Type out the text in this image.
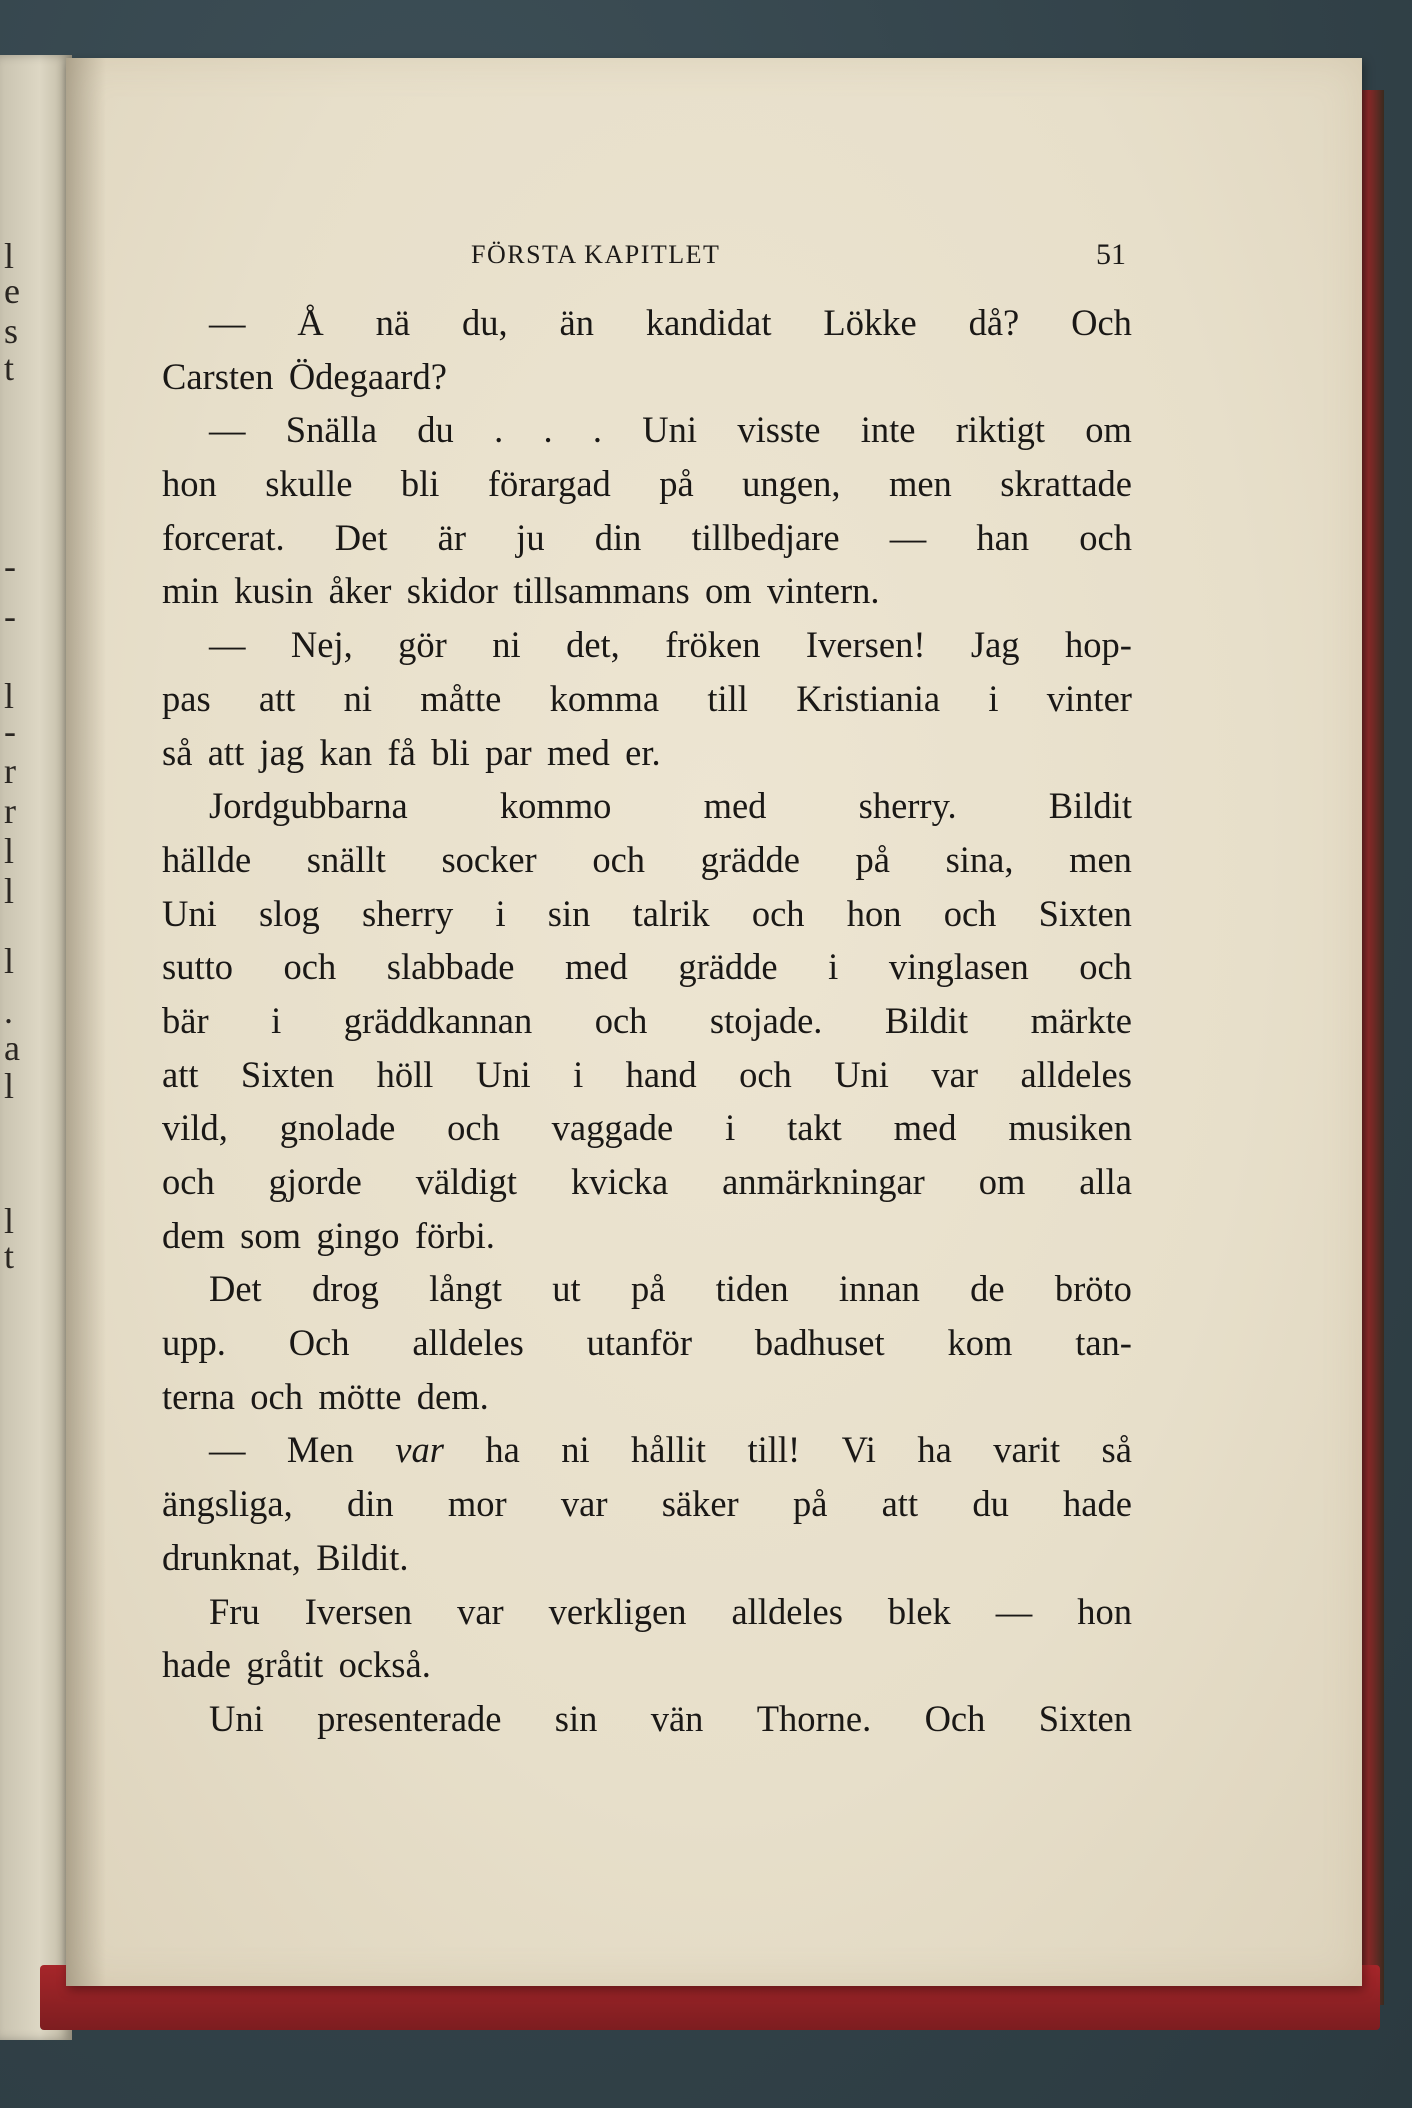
l
e
s
t
-
-
l
-
r
r
l
l
l
.
a
l
l
t
FÖRSTA KAPITLET	51
— Å nä du, än kandidat Lökke då? Och
Carsten Ödegaard?
— Snälla du . . . Uni visste inte riktigt om
hon skulle bli förargad på ungen, men skrattade
forcerat. Det är ju din tillbedjare — han och
min kusin åker skidor tillsammans om vintern.
— Nej, gör ni det, fröken Iversen! Jag hop-
pas att ni måtte komma till Kristiania i vinter
så att jag kan få bli par med er.
Jordgubbarna	kommo	med	sherry.	Bildit
hällde snällt socker och grädde på sina, men
Uni slog sherry i sin talrik och hon och Sixten
sutto och slabbade med grädde i vinglasen och
bär i gräddkannan och stojade. Bildit märkte
att Sixten höll Uni i hand och Uni var alldeles
vild, gnolade och vaggade i takt med musiken
och gjorde väldigt kvicka anmärkningar om alla
dem som gingo förbi.
Det drog långt ut på tiden innan de bröto
upp. Och alldeles utanför badhuset kom tan-
terna och mötte dem.
— Men var ha ni hållit till! Vi ha varit så
ängsliga, din mor var säker på att du hade
drunknat, Bildit.
Fru Iversen var verkligen alldeles blek — hon
hade gråtit också.
Uni presenterade sin vän Thorne. Och Sixten
